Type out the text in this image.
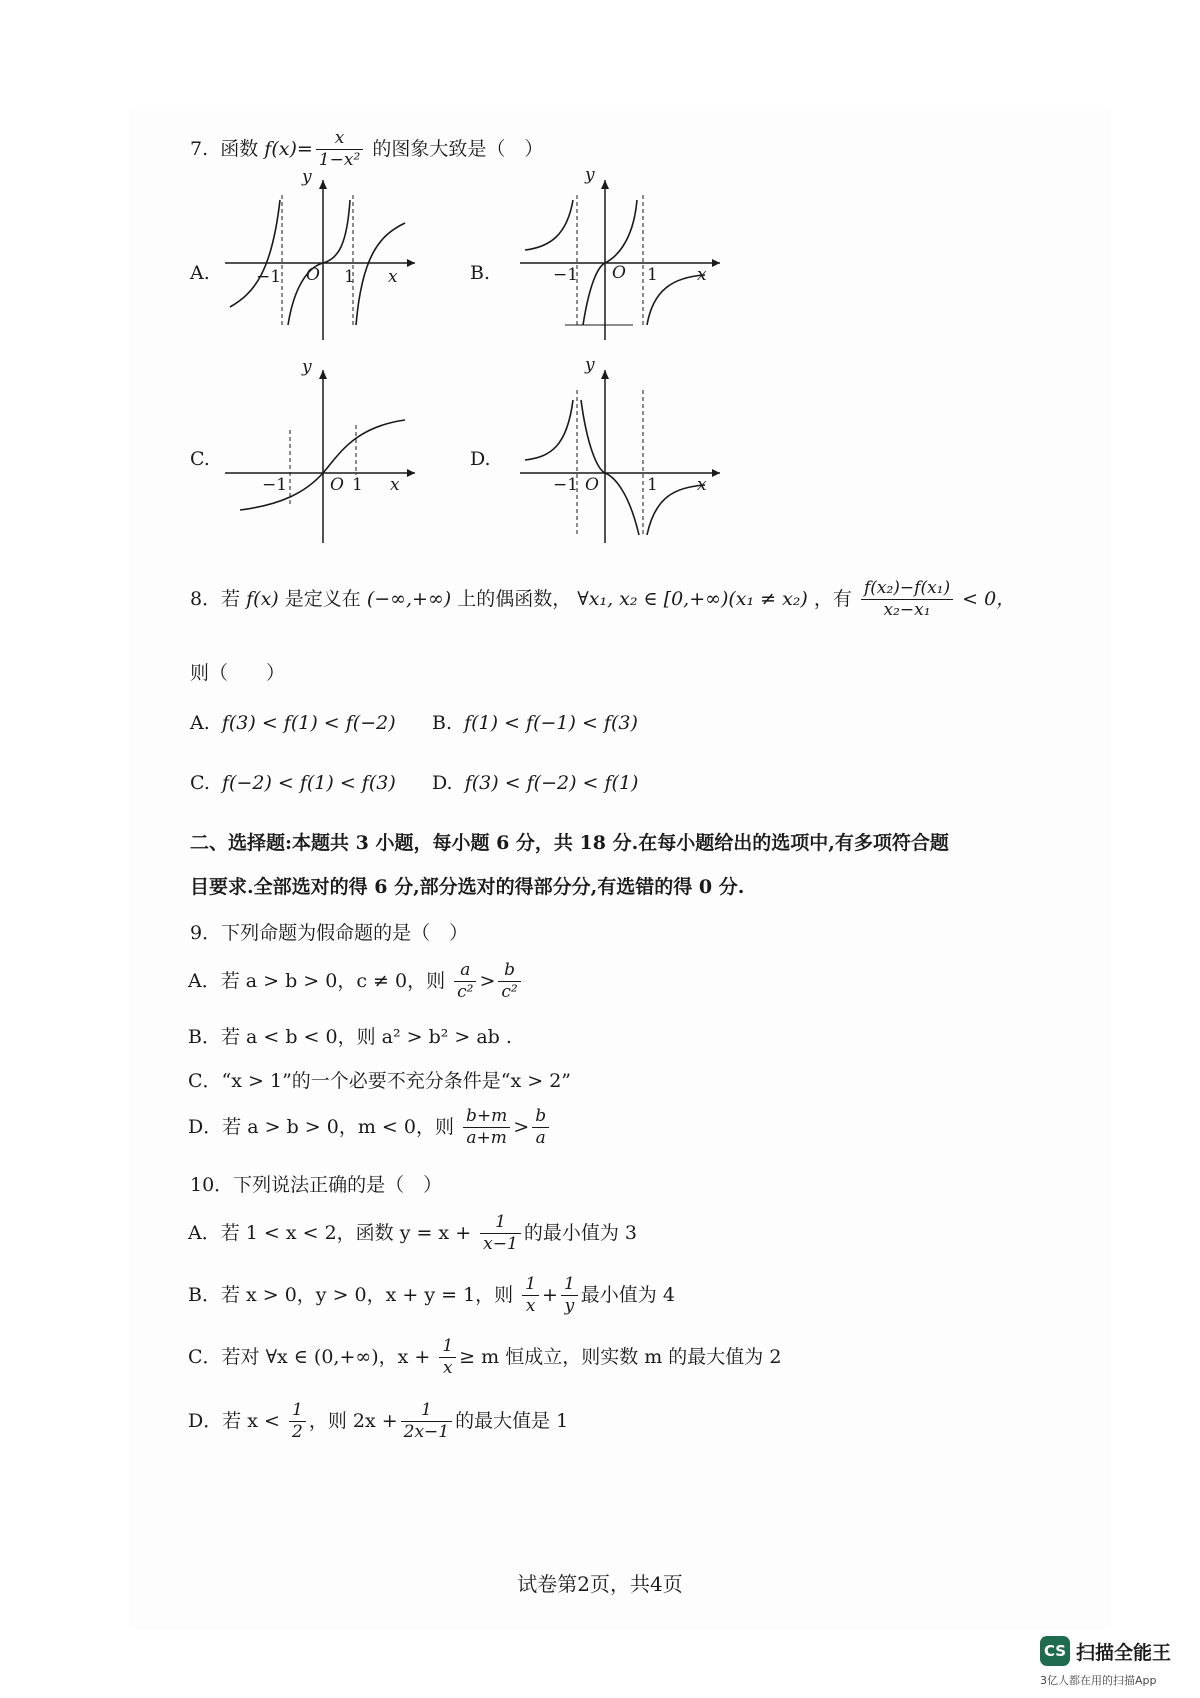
7. 函数 $f(x)= \frac{x}{\text{1−x²}}$ 的图象大致是（　）
A.	−1 O 1 x
y
B.	−1 O 1 x
y
C.
−1	O 1 x
y
D.
−1 O	1 x
y
8．若 f(x) 是定义在 (−∞,+∞) 上的偶函数， ∀x₁, x₂ ∈ [0,+∞)(x₁ ≠ x₂) ，有 $\frac{\text{f(x₂)−f(x₁)}}{\text{x₂−x₁}} < 0$，
则（　　）
A. f(3) < f(1) < f(−2) B. f(1) < f(−1) < f(3)
C. f(−2) < f(1) < f(3) D. f(3) < f(−2) < f(1)
二、选择题:本题共 3 小题，每小题 6 分，共 18 分.在每小题给出的选项中,有多项符合题
目要求.全部选对的得 6 分,部分选对的得部分分,有选错的得 0 分.
9．下列命题为假命题的是（　）
A．若 a > b > 0，c ≠ 0，则 $\frac{a}{\text{c²}} > \frac{b}{\text{c²}}$
B．若 a < b < 0，则 a² > b² > ab .
C．“x > 1”的一个必要不充分条件是“x > 2”
D．若 a > b > 0，m < 0，则 $\frac{b+m}{a+m} > \frac{b}{a}$
10．下列说法正确的是（　）
A．若 1 < x < 2，函数 $y = x + \frac{1}{x-1}$ 的最小值为 3
B．若 x > 0，y > 0，x + y = 1，则 $\frac{1}{x} + \frac{1}{y}$ 最小值为 4
C．若对 ∀x ∈ (0,+∞)，$x + \frac{1}{x} \ge m$ 恒成立，则实数 m 的最大值为 2
D．若 $x < \frac{1}{2}$ ，则 $2x + \frac{1}{2x-1}$ 的最大值是 1
试卷第2页，共4页
CS 扫描全能王
3亿人都在用的扫描App
